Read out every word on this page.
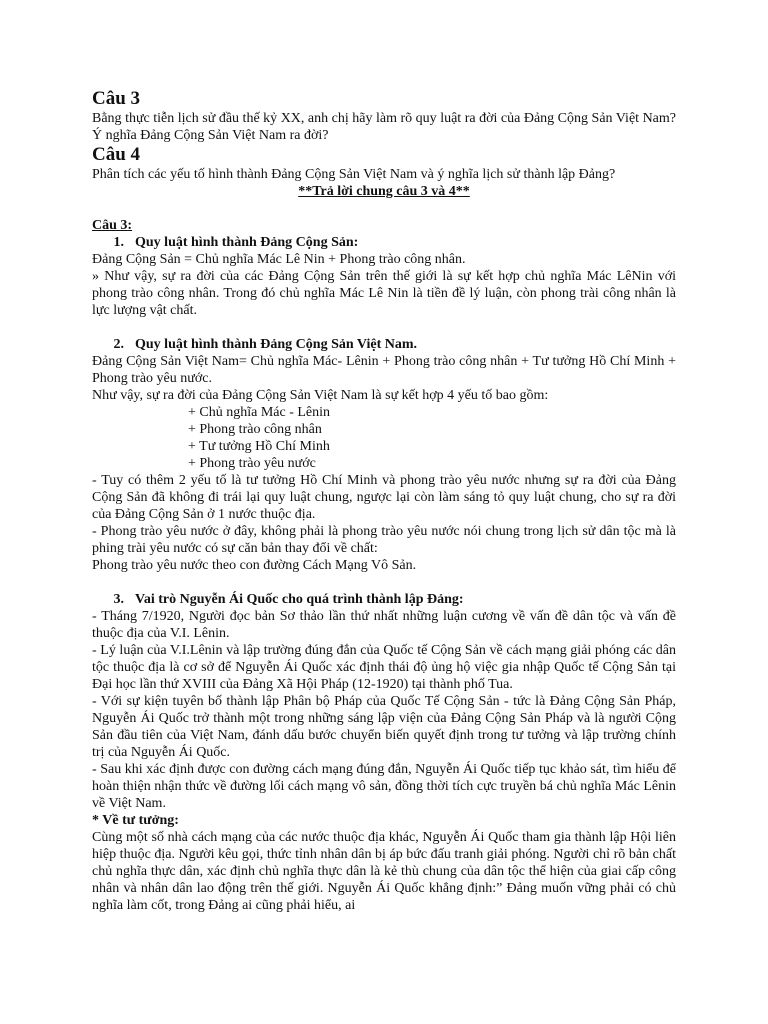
Câu 3

Bằng thực tiễn lịch sử đầu thế kỷ XX, anh chị hãy làm rõ quy luật ra đời của Đảng Cộng Sản Việt Nam? Ý nghĩa Đảng Cộng Sản Việt Nam ra đời?

Câu 4

Phân tích các yếu tố hình thành Đảng Cộng Sản Việt Nam và ý nghĩa lịch sử thành lập Đảng?

**Trả lời chung câu 3 và 4**

Câu 3:

1. Quy luật hình thành Đảng Cộng Sản:

Đảng Cộng Sản = Chủ nghĩa Mác Lê Nin + Phong trào công nhân.

» Như vậy, sự ra đời của các Đảng Cộng Sản trên thế giới là sự kết hợp chủ nghĩa Mác LêNin với phong trào công nhân. Trong đó chủ nghĩa Mác Lê Nin là tiền đề lý luận, còn phong trài công nhân là lực lượng vật chất.

2. Quy luật hình thành Đảng Cộng Sản Việt Nam.

Đảng Cộng Sản Việt Nam= Chủ nghĩa Mác- Lênin + Phong trào công nhân + Tư tưởng Hồ Chí Minh + Phong trào yêu nước.

Như vậy, sự ra đời của Đảng Cộng Sản Việt Nam là sự kết hợp 4 yếu tố bao gồm:

+ Chủ nghĩa Mác - Lênin

+ Phong trào công nhân

+ Tư tưởng Hồ Chí Minh

+ Phong trào yêu nước

- Tuy có thêm 2 yếu tố là tư tưởng Hồ Chí Minh và phong trào yêu nước nhưng sự ra đời của Đảng Cộng Sản đã không đi trái lại quy luật chung, ngược lại còn làm sáng tỏ quy luật chung, cho sự ra đời của Đảng Cộng Sản ở 1 nước thuộc địa.

- Phong trào yêu nước ở đây, không phải là phong trào yêu nước nói chung trong lịch sử dân tộc mà là phing trài yêu nước có sự căn bản thay đổi về chất:

Phong trào yêu nước theo con đường Cách Mạng Vô Sản.

3. Vai trò Nguyễn Ái Quốc cho quá trình thành lập Đảng:

- Tháng 7/1920, Người đọc bản Sơ thảo lần thứ nhất những luận cương về vấn đề dân tộc và vấn đề thuộc địa của V.I. Lênin.

- Lý luận của V.I.Lênin và lập trường đúng đắn của Quốc tế Cộng Sản về cách mạng giải phóng các dân tộc thuộc địa là cơ sở để Nguyễn Ái Quốc xác định thái độ ủng hộ việc gia nhập Quốc tế Cộng Sản tại Đại học lần thứ XVIII của Đảng Xã Hội Pháp (12-1920) tại thành phố Tua.

- Với sự kiện tuyên bố thành lập Phân bộ Pháp của Quốc Tế Cộng Sản - tức là Đảng Cộng Sản Pháp, Nguyễn Ái Quốc trở thành một trong những sáng lập viện của Đảng Cộng Sản Pháp và là người Cộng Sản đầu tiên của Việt Nam, đánh dấu bước chuyển biến quyết định trong tư tưởng và lập trường chính trị của Nguyễn Ái Quốc.

- Sau khi xác định được con đường cách mạng đúng đắn, Nguyễn Ái Quốc tiếp tục khảo sát, tìm hiểu để hoàn thiện nhận thức về đường lối cách mạng vô sản, đồng thời tích cực truyền bá chủ nghĩa Mác Lênin về Việt Nam.

* Về tư tưởng:

Cùng một số nhà cách mạng của các nước thuộc địa khác, Nguyễn Ái Quốc tham gia thành lập Hội liên hiệp thuộc địa. Người kêu gọi, thức tỉnh nhân dân bị áp bức đấu tranh giải phóng. Người chỉ rõ bản chất chủ nghĩa thực dân, xác định chủ nghĩa thực dân là kẻ thù chung của dân tộc thể hiện của giai cấp công nhân và nhân dân lao động trên thế giới. Nguyễn Ái Quốc khẳng định:” Đảng muốn vững phải có chủ nghĩa làm cốt, trong Đảng ai cũng phải hiểu, ai
